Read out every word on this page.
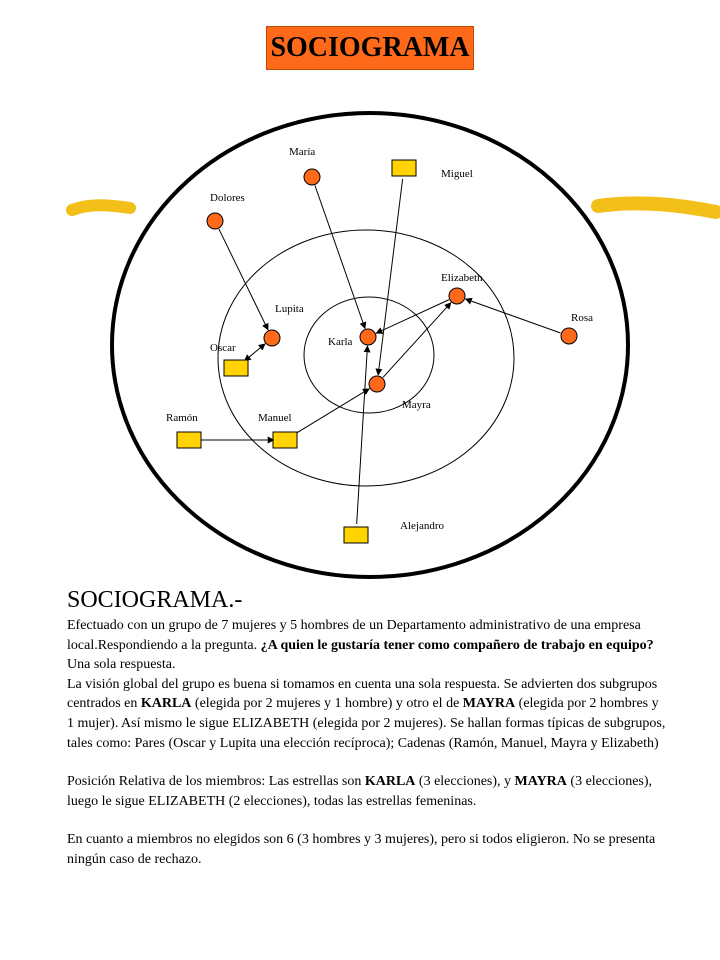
SOCIOGRAMA
María
Miguel
Dolores
Elizabeth
Lupita
Rosa
Karla
Oscar
Mayra
Ramón	Manuel
Alejandro
SOCIOGRAMA.-

Efectuado con un grupo de 7 mujeres y 5 hombres de un Departamento administrativo de una empresa local.Respondiendo a la pregunta. ¿A quien le gustaría tener como compañero de trabajo en equipo? Una sola respuesta.

La visión global del grupo es buena si tomamos en cuenta una sola respuesta. Se advierten dos subgrupos centrados en KARLA (elegida por 2 mujeres y 1 hombre) y otro el de MAYRA (elegida por 2 hombres y 1 mujer). Así mismo le sigue ELIZABETH (elegida por 2 mujeres). Se hallan formas típicas de subgrupos, tales como: Pares (Oscar y Lupita una elección recíproca); Cadenas (Ramón, Manuel, Mayra y Elizabeth)

Posición Relativa de los miembros: Las estrellas son KARLA (3 elecciones), y MAYRA (3 elecciones), luego le sigue ELIZABETH (2 elecciones), todas las estrellas femeninas.

En cuanto a miembros no elegidos son 6 (3 hombres y 3 mujeres), pero si todos eligieron. No se presenta ningún caso de rechazo.
